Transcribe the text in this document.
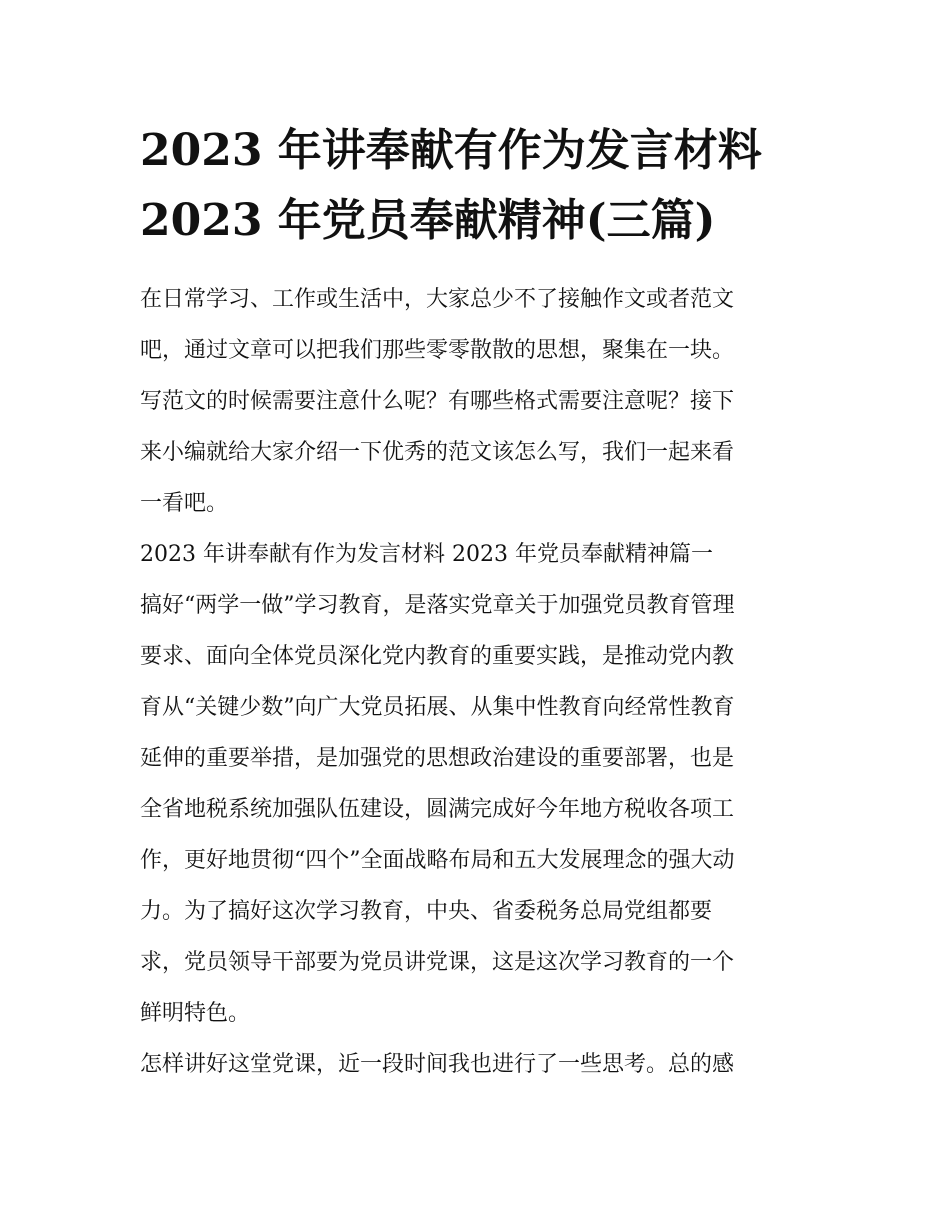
2023 年讲奉献有作为发言材料
2023 年党员奉献精神(三篇)

在日常学习、工作或生活中，大家总少不了接触作文或者范文
吧，通过文章可以把我们那些零零散散的思想，聚集在一块。
写范文的时候需要注意什么呢？有哪些格式需要注意呢？接下
来小编就给大家介绍一下优秀的范文该怎么写，我们一起来看
一看吧。

2023 年讲奉献有作为发言材料 2023 年党员奉献精神篇一

搞好“两学一做”学习教育，是落实党章关于加强党员教育管理
要求、面向全体党员深化党内教育的重要实践，是推动党内教
育从“关键少数”向广大党员拓展、从集中性教育向经常性教育
延伸的重要举措，是加强党的思想政治建设的重要部署，也是
全省地税系统加强队伍建设，圆满完成好今年地方税收各项工
作，更好地贯彻“四个”全面战略布局和五大发展理念的强大动
力。为了搞好这次学习教育，中央、省委税务总局党组都要
求，党员领导干部要为党员讲党课，这是这次学习教育的一个
鲜明特色。

怎样讲好这堂党课，近一段时间我也进行了一些思考。总的感
